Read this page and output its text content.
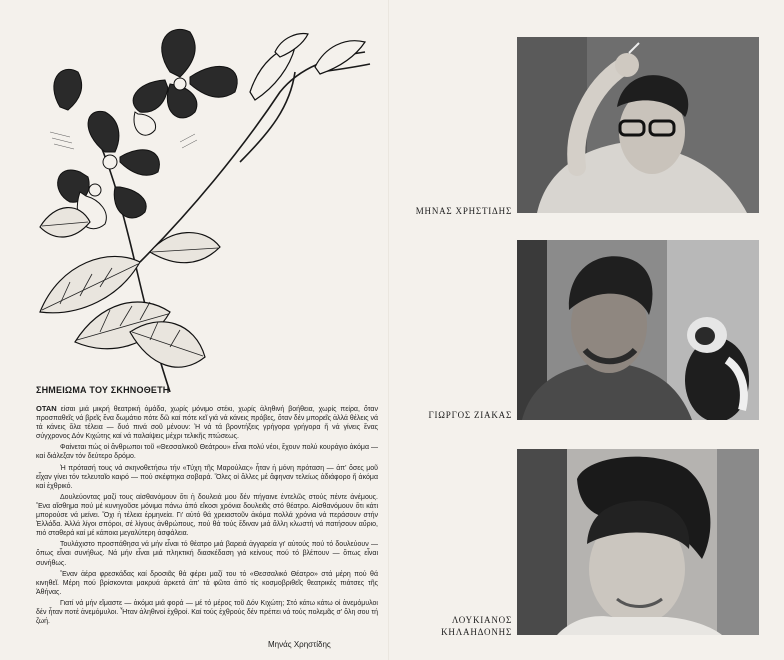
ΣΗΜΕΙΩΜΑ ΤΟΥ ΣΚΗΝΟΘΕΤΗ

ΟΤΑΝ είσαι μιά μικρή θεατρική ὁμάδα, χωρίς μόνιμο στέκι, χωρίς ἀληθινή βοήθεια, χωρίς πείρα, ὅταν προσπαθεῖς νά βρεῖς ἕνα δωμάτιο πότε δῶ καί πότε κεῖ γιά νά κάνεις πρόβες, ὅταν δέν μπορεῖς ἀλλά θέλεις νά τά κάνεις ὅλα τέλεια — δυό πινά σοῦ μένουν: Ἡ νά τά βροντήξεις γρήγορα γρήγορα ἤ νά γίνεις ἕνας σύγχρονος Δόν Κιχώτης καί νά παλαίψεις μέχρι τελικῆς πτώσεως.

Φαίνεται πώς οἱ ἄνθρωποι τοῦ «Θεσσαλικοῦ Θεάτρου» εἶναι πολύ νέοι, ἔχουν πολύ κουράγιο ἀκόμα — καί διάλεξαν τόν δεύτερο δρόμο.

Ἡ πρότασή τους νά σκηνοθετήσω τήν «Τύχη τῆς Μαρούλας» ἦταν ἡ μόνη πρόταση — ἀπ' ὅσες μοῦ εἶχαν γίνει τόν τελευταῖο καιρό — πού σκέφτηκα σοβαρά. Ὅλες οἱ ἄλλες μέ ἄφηναν τελείως ἀδιάφορο ἤ ἀκόμα καί ἐχθρικό.

Δουλεύοντας μαζί τους αἰσθανόμουν ὅτι ἡ δουλειά μου δέν πήγαινε ἐντελῶς στούς πέντε ἀνέμους. Ἕνα αἴσθημα πού μέ κυνηγοῦσε μόνιμα πάνω ἀπό εἴκοσι χρόνια δουλειᾶς στό θέατρο. Αἰσθανόμουν ὅτι κάτι μπορούσε νά μείνει. Ὄχι ἡ τέλεια ἑρμηνεία. Γι' αὐτό θά χρειαστοῦν ἀκόμα πολλά χρόνια νά περάσουν στήν Ἑλλάδα. Ἀλλά λίγοι σπόροι, σέ λίγους ἀνθρώπους, πού θά τούς ἔδιναν μιά ἄλλη κλωστή νά πατήσουν αὔριο, πιό σταθερά καί μέ κάποια μεγαλύτερη ἀσφάλεια.

Τουλάχιστο προσπάθησα νά μήν εἶναι τό θέατρο μιά βαρειά ἀγγαρεία γι' αὐτούς πού τό δουλεύουν — ὅπως εἶναι συνήθως. Νά μήν εἶναι μιά πληκτική διασκέδαση γιά κείνους πού τό βλέπουν — ὅπως εἶναι συνήθως.

Ἕναν ἀέρα φρεσκάδας καί δροσιᾶς θά φέρει μαζί του τό «Θεσσαλικό Θέατρο» στά μέρη πού θά κινηθεῖ. Μέρη πού βρίσκονται μακρυά ἀρκετά ἀπ' τά φῶτα ἀπό τίς κοσμοβριθεῖς θεατρικές πιάτσες τῆς Ἀθήνας.

Γιατί νά μήν εἴμαστε — ἀκόμα μιά φορά — μέ τό μέρος τοῦ Δόν Κιχώτη; Στό κάτω κάτω οἱ ἀνεμόμυλοι δέν ἦταν ποτέ ἀνεμόμυλοι. Ἦταν ἀληθινοί ἐχθροί. Καί τούς ἐχθρούς δέν πρέπει νά τούς πολεμᾶς σ' ὅλη σου τή ζωή.

Μηνάς Χρηστίδης
ΜΗΝΑΣ ΧΡΗΣΤΙΔΗΣ
ΓΙΩΡΓΟΣ ΖΙΑΚΑΣ
ΛΟΥΚΙΑΝΟΣ
ΚΗΛΑΗΔΟΝΗΣ
